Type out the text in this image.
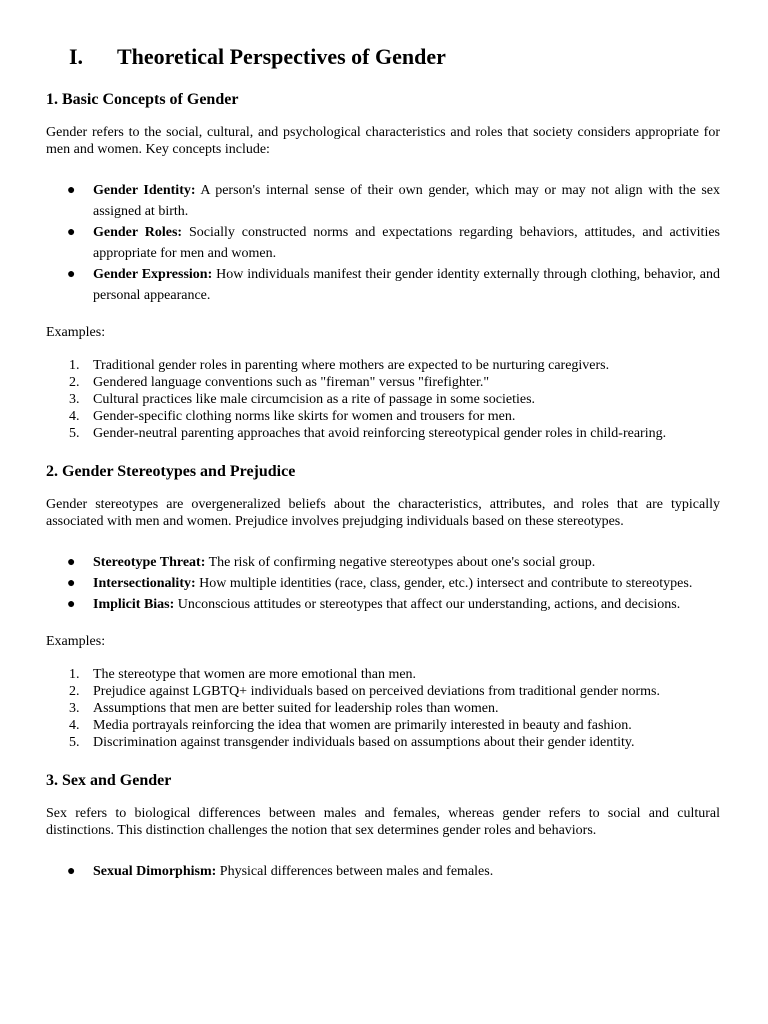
I.	Theoretical Perspectives of Gender
1. Basic Concepts of Gender

Gender refers to the social, cultural, and psychological characteristics and roles that society considers appropriate for men and women. Key concepts include:

● Gender Identity: A person's internal sense of their own gender, which may or may not align with the sex assigned at birth.
● Gender Roles: Socially constructed norms and expectations regarding behaviors, attitudes, and activities appropriate for men and women.
● Gender Expression: How individuals manifest their gender identity externally through clothing, behavior, and personal appearance.

Examples:

1. Traditional gender roles in parenting where mothers are expected to be nurturing caregivers.
2. Gendered language conventions such as "fireman" versus "firefighter."
3. Cultural practices like male circumcision as a rite of passage in some societies.
4. Gender-specific clothing norms like skirts for women and trousers for men.
5. Gender-neutral parenting approaches that avoid reinforcing stereotypical gender roles in child-rearing.
2. Gender Stereotypes and Prejudice

Gender stereotypes are overgeneralized beliefs about the characteristics, attributes, and roles that are typically associated with men and women. Prejudice involves prejudging individuals based on these stereotypes.

● Stereotype Threat: The risk of confirming negative stereotypes about one's social group.
● Intersectionality: How multiple identities (race, class, gender, etc.) intersect and contribute to stereotypes.
● Implicit Bias: Unconscious attitudes or stereotypes that affect our understanding, actions, and decisions.

Examples:

1. The stereotype that women are more emotional than men.
2. Prejudice against LGBTQ+ individuals based on perceived deviations from traditional gender norms.
3. Assumptions that men are better suited for leadership roles than women.
4. Media portrayals reinforcing the idea that women are primarily interested in beauty and fashion.
5. Discrimination against transgender individuals based on assumptions about their gender identity.
3. Sex and Gender

Sex refers to biological differences between males and females, whereas gender refers to social and cultural distinctions. This distinction challenges the notion that sex determines gender roles and behaviors.

● Sexual Dimorphism: Physical differences between males and females.
